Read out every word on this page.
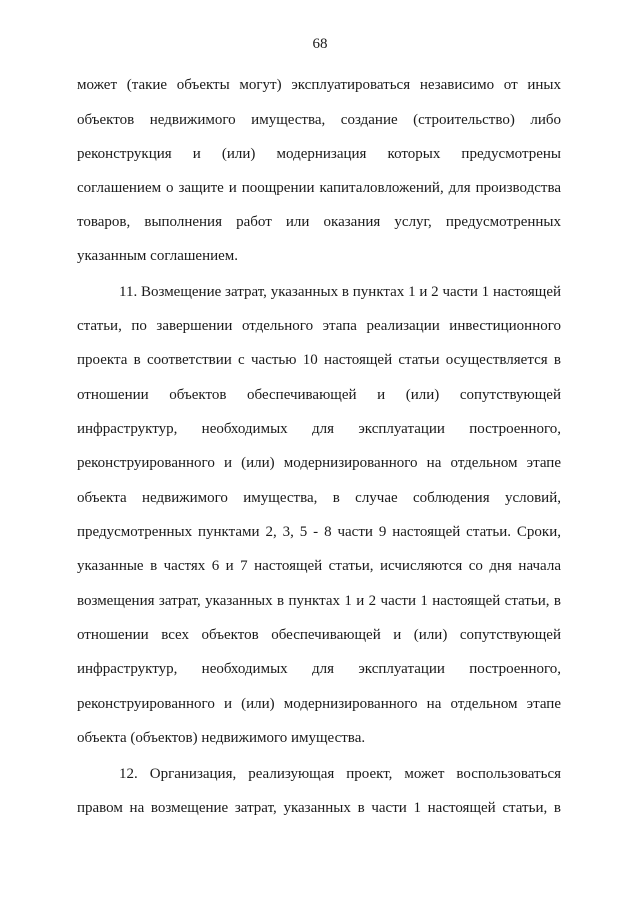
68
может (такие объекты могут) эксплуатироваться независимо от иных
объектов недвижимого имущества, создание (строительство) либо
реконструкция и (или) модернизация которых предусмотрены
соглашением о защите и поощрении капиталовложений, для производства
товаров, выполнения работ или оказания услуг, предусмотренных
указанным соглашением.
11. Возмещение затрат, указанных в пунктах 1 и 2 части 1 настоящей
статьи, по завершении отдельного этапа реализации инвестиционного
проекта в соответствии с частью 10 настоящей статьи осуществляется в
отношении объектов обеспечивающей и (или) сопутствующей
инфраструктур, необходимых для эксплуатации построенного,
реконструированного и (или) модернизированного на отдельном этапе
объекта недвижимого имущества, в случае соблюдения условий,
предусмотренных пунктами 2, 3, 5 - 8 части 9 настоящей статьи. Сроки,
указанные в частях 6 и 7 настоящей статьи, исчисляются со дня начала
возмещения затрат, указанных в пунктах 1 и 2 части 1 настоящей статьи, в
отношении всех объектов обеспечивающей и (или) сопутствующей
инфраструктур, необходимых для эксплуатации построенного,
реконструированного и (или) модернизированного на отдельном этапе
объекта (объектов) недвижимого имущества.
12. Организация, реализующая проект, может воспользоваться
правом на возмещение затрат, указанных в части 1 настоящей статьи, в
